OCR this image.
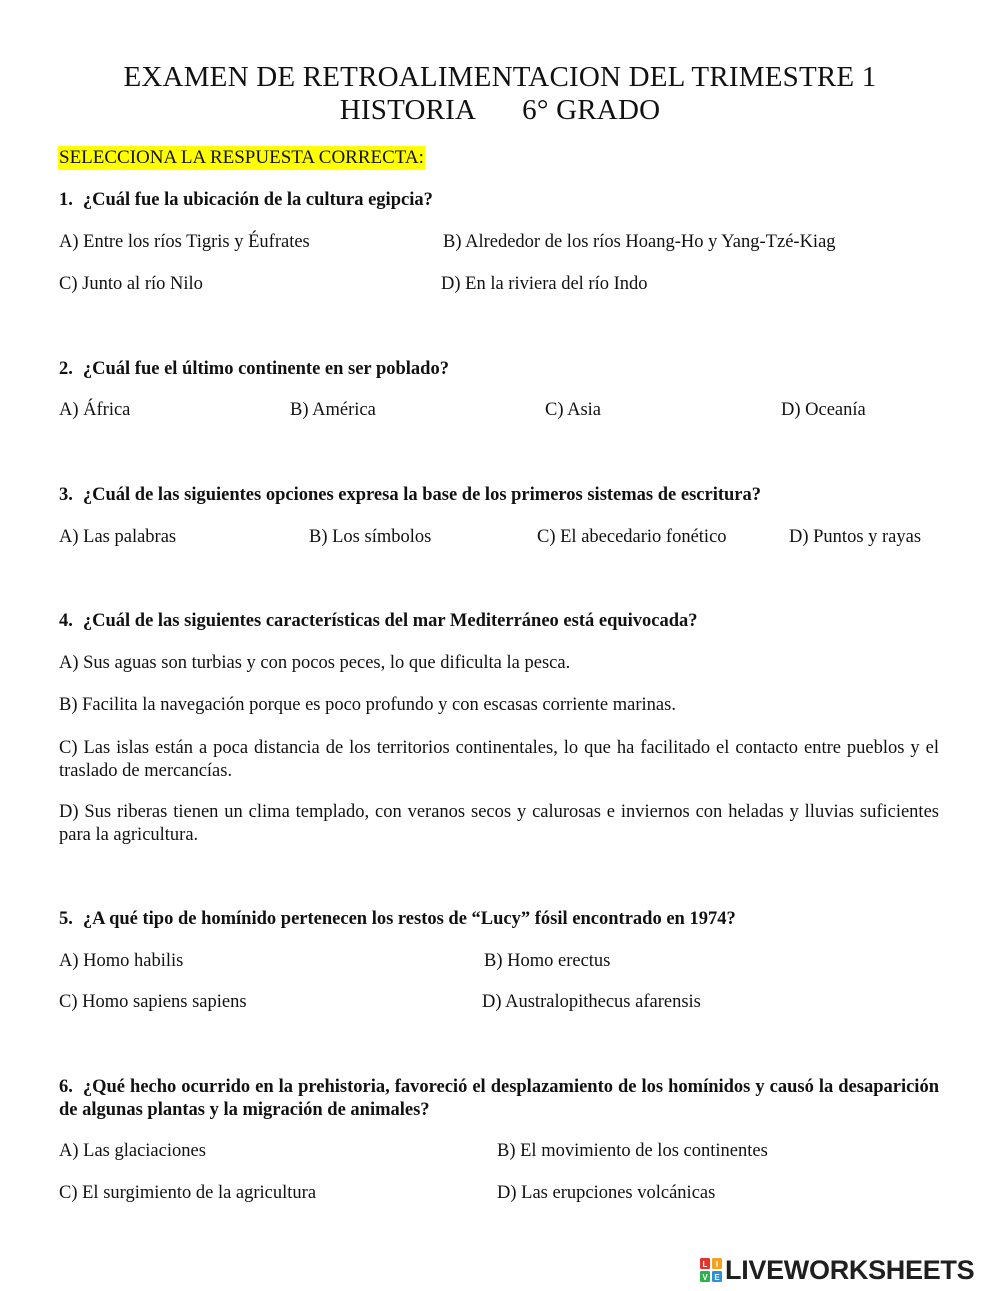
EXAMEN DE RETROALIMENTACION DEL TRIMESTRE 1
HISTORIA 6° GRADO
SELECCIONA LA RESPUESTA CORRECTA:
1. ¿Cuál fue la ubicación de la cultura egipcia?
A) Entre los ríos Tigris y Éufrates	B) Alrededor de los ríos Hoang-Ho y Yang-Tzé-Kiag
C) Junto al río Nilo	D) En la riviera del río Indo
2. ¿Cuál fue el último continente en ser poblado?
A) África	B) América	C) Asia	D) Oceanía
3. ¿Cuál de las siguientes opciones expresa la base de los primeros sistemas de escritura?
A) Las palabras	B) Los símbolos	C) El abecedario fonético	D) Puntos y rayas
4. ¿Cuál de las siguientes características del mar Mediterráneo está equivocada?
A) Sus aguas son turbias y con pocos peces, lo que dificulta la pesca.
B) Facilita la navegación porque es poco profundo y con escasas corriente marinas.
C) Las islas están a poca distancia de los territorios continentales, lo que ha facilitado el contacto entre pueblos y el traslado de mercancías.
D) Sus riberas tienen un clima templado, con veranos secos y calurosas e inviernos con heladas y lluvias suficientes para la agricultura.
5. ¿A qué tipo de homínido pertenecen los restos de “Lucy” fósil encontrado en 1974?
A) Homo habilis	B) Homo erectus
C) Homo sapiens sapiens	D) Australopithecus afarensis
6. ¿Qué hecho ocurrido en la prehistoria, favoreció el desplazamiento de los homínidos y causó la desaparición de algunas plantas y la migración de animales?
A) Las glaciaciones	B) El movimiento de los continentes
C) El surgimiento de la agricultura	D) Las erupciones volcánicas
L I
V E LIVEWORKSHEETS
